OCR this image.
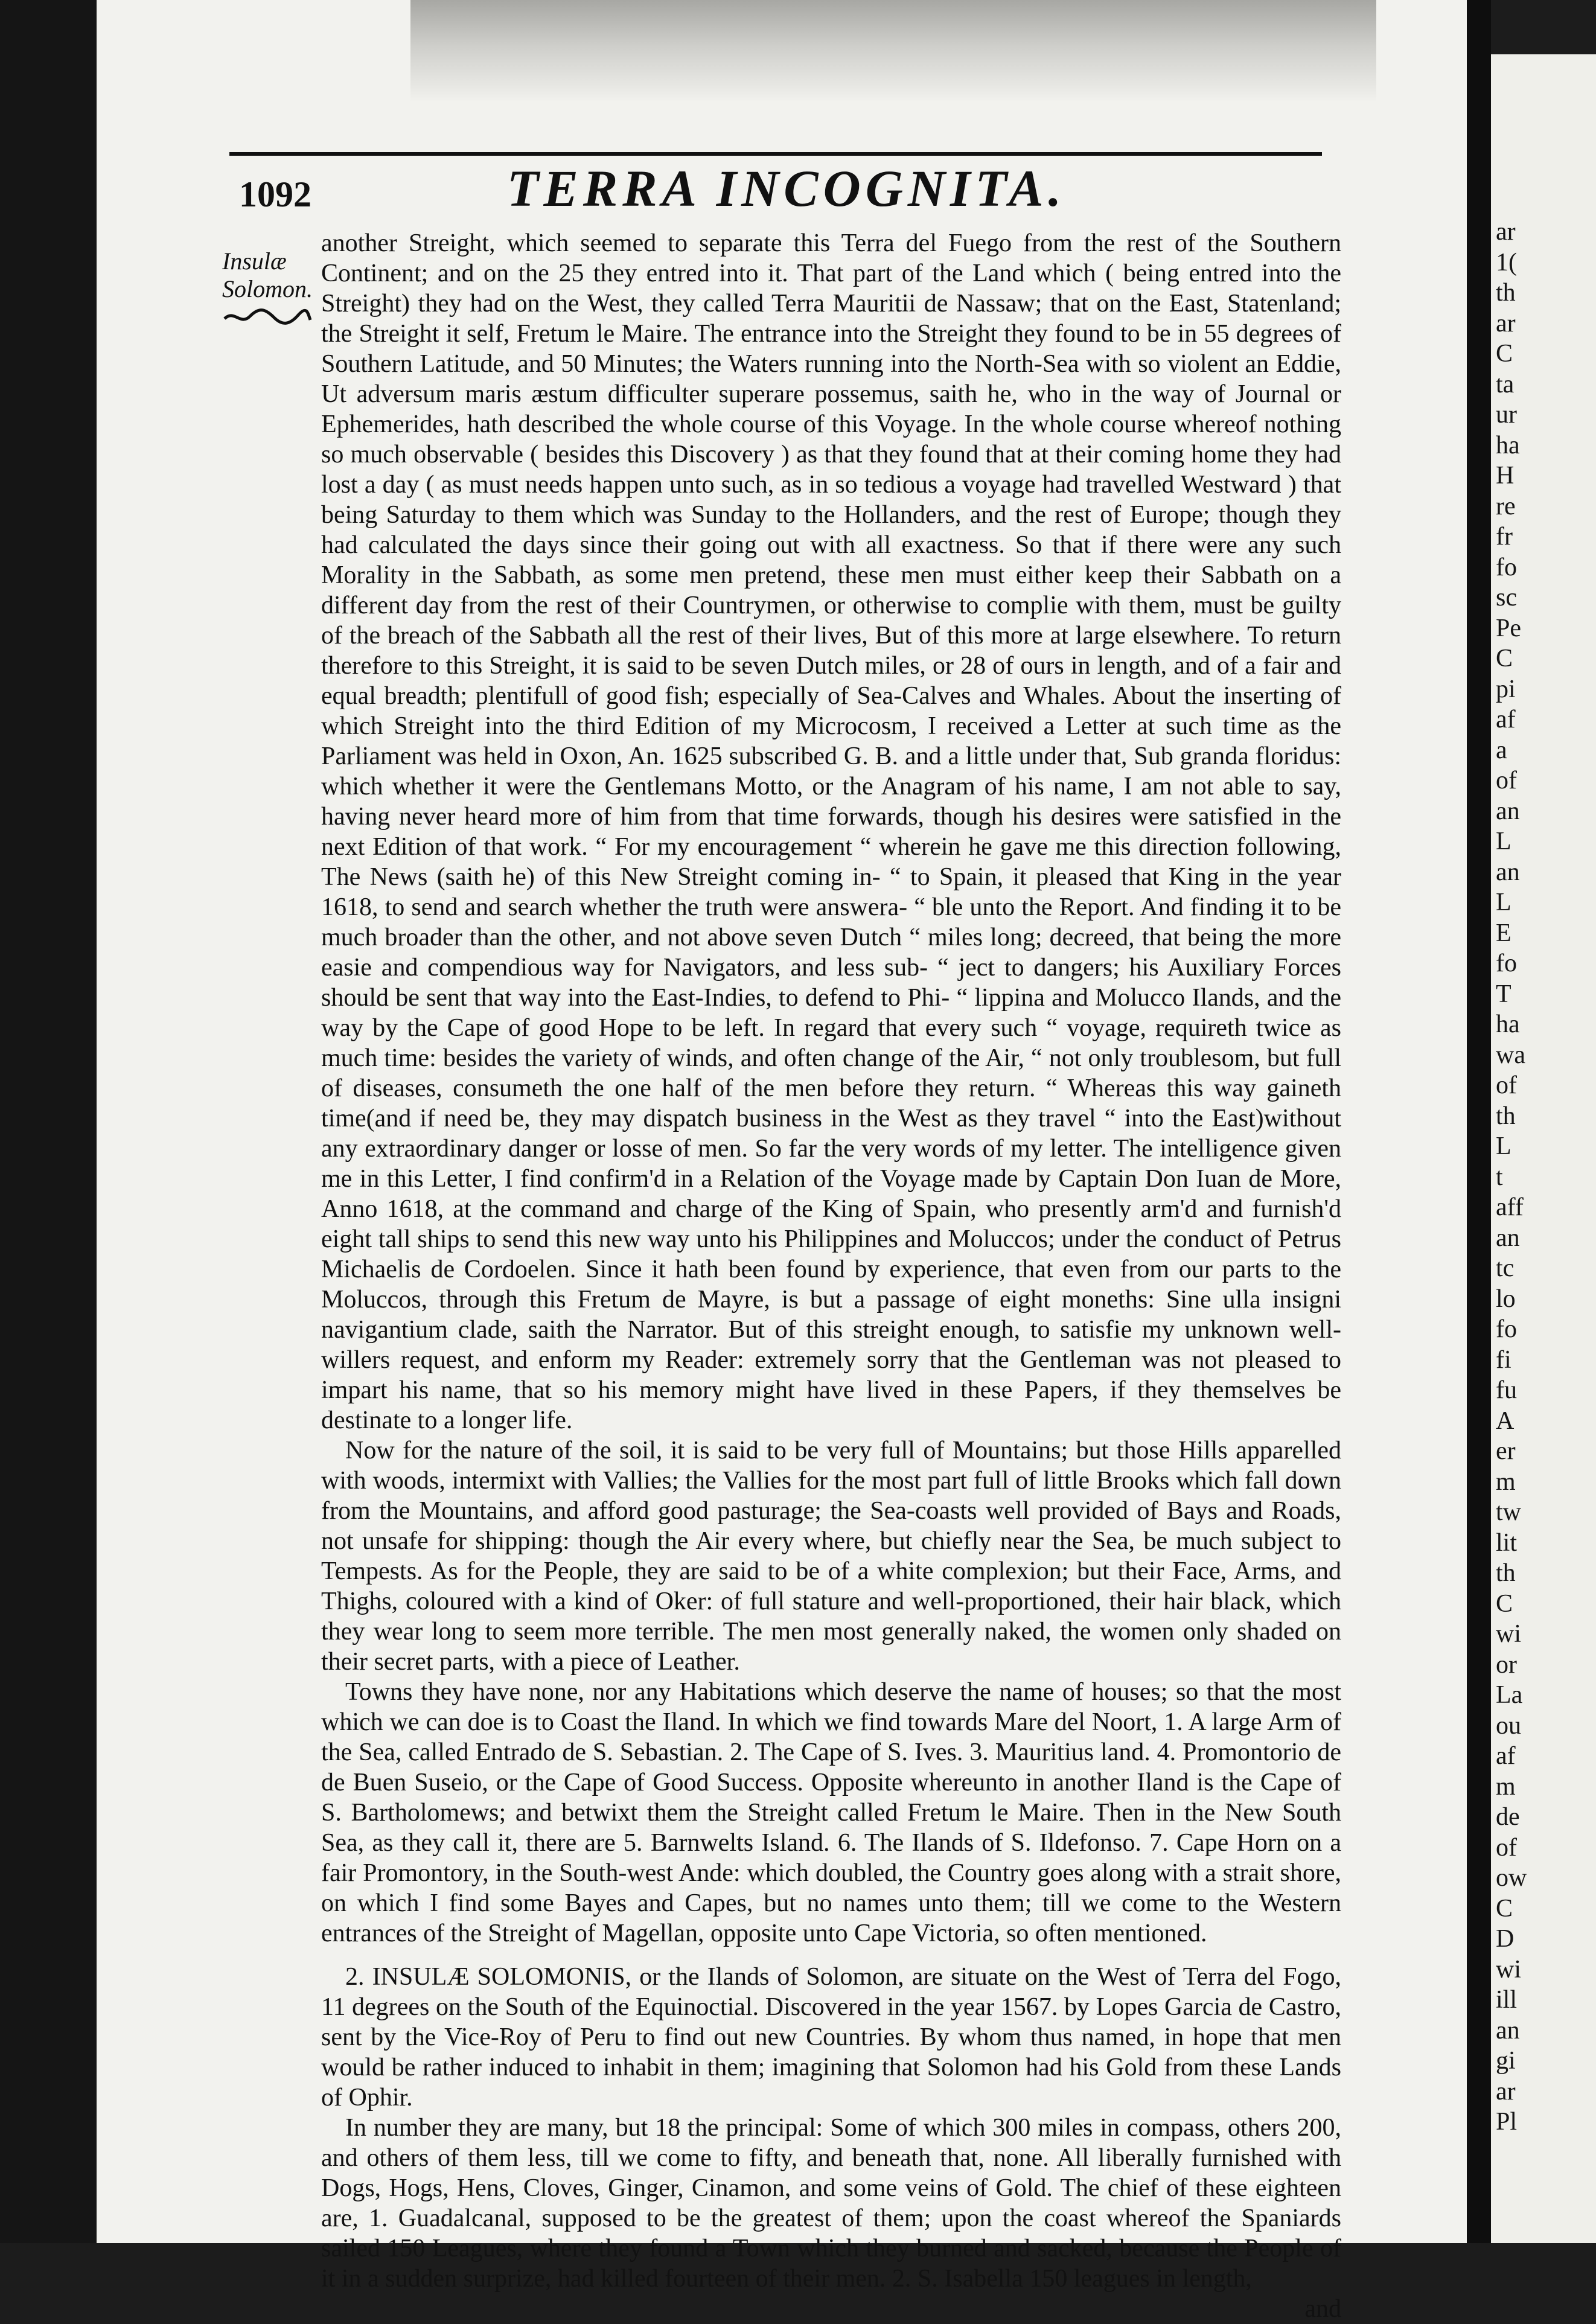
ar
1(
th
ar
C
ta
ur
ha
H
re
fr
fo
sc
Pe
C
pi
af
a
of
an
L
an
L
E
fo
T
ha
wa
of
th
L
t
aff
an
tc
lo
fo
fi
fu
A
er
m
tw
lit
th
C
wi
or
La
ou
af
m
de
of
ow
C
D
wi
ill
an
gi
ar
Pl
1092	TERRA INCOGNITA.
Insulæ
Solomon.

another Streight, which seemed to separate this Terra del Fuego from the rest of the Southern Continent; and on the 25 they entred into it. That part of the Land which ( being entred into the Streight) they had on the West, they called Terra Mauritii de Nassaw; that on the East, Statenland; the Streight it self, Fretum le Maire. The entrance into the Streight they found to be in 55 degrees of Southern Latitude, and 50 Minutes; the Waters running into the North-Sea with so violent an Eddie, Ut adversum maris æstum difficulter superare possemus, saith he, who in the way of Journal or Ephemerides, hath described the whole course of this Voyage. In the whole course whereof nothing so much observable ( besides this Discovery ) as that they found that at their coming home they had lost a day ( as must needs happen unto such, as in so tedious a voyage had travelled Westward ) that being Saturday to them which was Sunday to the Hollanders, and the rest of Europe; though they had calculated the days since their going out with all exactness. So that if there were any such Morality in the Sabbath, as some men pretend, these men must either keep their Sabbath on a different day from the rest of their Countrymen, or otherwise to complie with them, must be guilty of the breach of the Sabbath all the rest of their lives, But of this more at large elsewhere. To return therefore to this Streight, it is said to be seven Dutch miles, or 28 of ours in length, and of a fair and equal breadth; plentifull of good fish; especially of Sea-Calves and Whales. About the inserting of which Streight into the third Edition of my Microcosm, I received a Letter at such time as the Parliament was held in Oxon, An. 1625 subscribed G. B. and a little under that, Sub granda floridus: which whether it were the Gentlemans Motto, or the Anagram of his name, I am not able to say, having never heard more of him from that time forwards, though his desires were satisfied in the next Edition of that work. “ For my encouragement “ wherein he gave me this direction following, The News (saith he) of this New Streight coming in- “ to Spain, it pleased that King in the year 1618, to send and search whether the truth were answera- “ ble unto the Report. And finding it to be much broader than the other, and not above seven Dutch “ miles long; decreed, that being the more easie and compendious way for Navigators, and less sub- “ ject to dangers; his Auxiliary Forces should be sent that way into the East-Indies, to defend to Phi- “ lippina and Molucco Ilands, and the way by the Cape of good Hope to be left. In regard that every such “ voyage, requireth twice as much time: besides the variety of winds, and often change of the Air, “ not only troublesom, but full of diseases, consumeth the one half of the men before they return. “ Whereas this way gaineth time(and if need be, they may dispatch business in the West as they travel “ into the East)without any extraordinary danger or losse of men. So far the very words of my letter. The intelligence given me in this Letter, I find confirm'd in a Relation of the Voyage made by Captain Don Iuan de More, Anno 1618, at the command and charge of the King of Spain, who presently arm'd and furnish'd eight tall ships to send this new way unto his Philippines and Moluccos; under the conduct of Petrus Michaelis de Cordoelen. Since it hath been found by experience, that even from our parts to the Moluccos, through this Fretum de Mayre, is but a passage of eight moneths: Sine ulla insigni navigantium clade, saith the Narrator. But of this streight enough, to satisfie my unknown well-willers request, and enform my Reader: extremely sorry that the Gentleman was not pleased to impart his name, that so his memory might have lived in these Papers, if they themselves be destinate to a longer life.

Now for the nature of the soil, it is said to be very full of Mountains; but those Hills apparelled with woods, intermixt with Vallies; the Vallies for the most part full of little Brooks which fall down from the Mountains, and afford good pasturage; the Sea-coasts well provided of Bays and Roads, not unsafe for shipping: though the Air every where, but chiefly near the Sea, be much subject to Tempests. As for the People, they are said to be of a white complexion; but their Face, Arms, and Thighs, coloured with a kind of Oker: of full stature and well-proportioned, their hair black, which they wear long to seem more terrible. The men most generally naked, the women only shaded on their secret parts, with a piece of Leather.

Towns they have none, nor any Habitations which deserve the name of houses; so that the most which we can doe is to Coast the Iland. In which we find towards Mare del Noort, 1. A large Arm of the Sea, called Entrado de S. Sebastian. 2. The Cape of S. Ives. 3. Mauritius land. 4. Promontorio de de Buen Suseio, or the Cape of Good Success. Opposite whereunto in another Iland is the Cape of S. Bartholomews; and betwixt them the Streight called Fretum le Maire. Then in the New South Sea, as they call it, there are 5. Barnwelts Island. 6. The Ilands of S. Ildefonso. 7. Cape Horn on a fair Promontory, in the South-west Ande: which doubled, the Country goes along with a strait shore, on which I find some Bayes and Capes, but no names unto them; till we come to the Western entrances of the Streight of Magellan, opposite unto Cape Victoria, so often mentioned.

2. INSULÆ SOLOMONIS, or the Ilands of Solomon, are situate on the West of Terra del Fogo, 11 degrees on the South of the Equinoctial. Discovered in the year 1567. by Lopes Garcia de Castro, sent by the Vice-Roy of Peru to find out new Countries. By whom thus named, in hope that men would be rather induced to inhabit in them; imagining that Solomon had his Gold from these Lands of Ophir.

In number they are many, but 18 the principal: Some of which 300 miles in compass, others 200, and others of them less, till we come to fifty, and beneath that, none. All liberally furnished with Dogs, Hogs, Hens, Cloves, Ginger, Cinamon, and some veins of Gold. The chief of these eighteen are, 1. Guadalcanal, supposed to be the greatest of them; upon the coast whereof the Spaniards sailed 150 Leagues, where they found a Town which they burned and sacked, because the People of it in a sudden surprize, had killed fourteen of their men. 2. S. Isabella 150 leagues in length,

and
